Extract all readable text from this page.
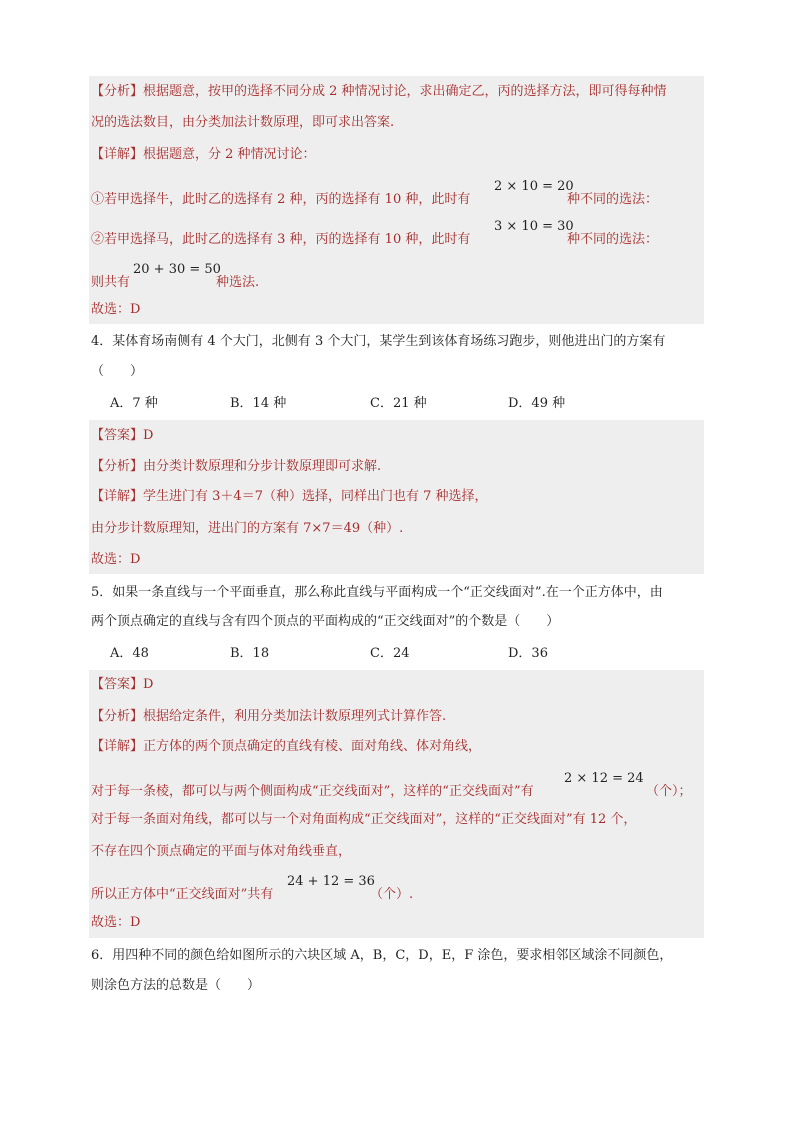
【分析】根据题意，按甲的选择不同分成 2 种情况讨论，求出确定乙，丙的选择方法，即可得每种情
况的选法数目，由分类加法计数原理，即可求出答案.
【详解】根据题意，分 2 种情况讨论：
①若甲选择牛，此时乙的选择有 2 种，丙的选择有 10 种，此时有
2 × 10 = 20
种不同的选法：
②若甲选择马，此时乙的选择有 3 种，丙的选择有 10 种，此时有
3 × 10 = 30
种不同的选法：
则共有
20 + 30 = 50
种选法.
故选：D
4．某体育场南侧有 4 个大门，北侧有 3 个大门，某学生到该体育场练习跑步，则他进出门的方案有
（　　）
A．7 种	B．14 种	C．21 种	D．49 种
【答案】D
【分析】由分类计数原理和分步计数原理即可求解.
【详解】学生进门有 3＋4＝7（种）选择，同样出门也有 7 种选择，
由分步计数原理知，进出门的方案有 7×7＝49（种）.
故选：D
5．如果一条直线与一个平面垂直，那么称此直线与平面构成一个“正交线面对”.在一个正方体中，由
两个顶点确定的直线与含有四个顶点的平面构成的“正交线面对”的个数是（　　）
A．48	B．18	C．24	D．36
【答案】D
【分析】根据给定条件，利用分类加法计数原理列式计算作答.
【详解】正方体的两个顶点确定的直线有棱、面对角线、体对角线，
对于每一条棱，都可以与两个侧面构成“正交线面对”，这样的“正交线面对”有
2 × 12 = 24
（个）；
对于每一条面对角线，都可以与一个对角面构成“正交线面对”，这样的“正交线面对”有 12 个，
不存在四个顶点确定的平面与体对角线垂直，
所以正方体中“正交线面对”共有
24 + 12 = 36
（个）.
故选：D
6．用四种不同的颜色给如图所示的六块区域 A，B，C，D，E，F 涂色，要求相邻区域涂不同颜色，
则涂色方法的总数是（　　）
